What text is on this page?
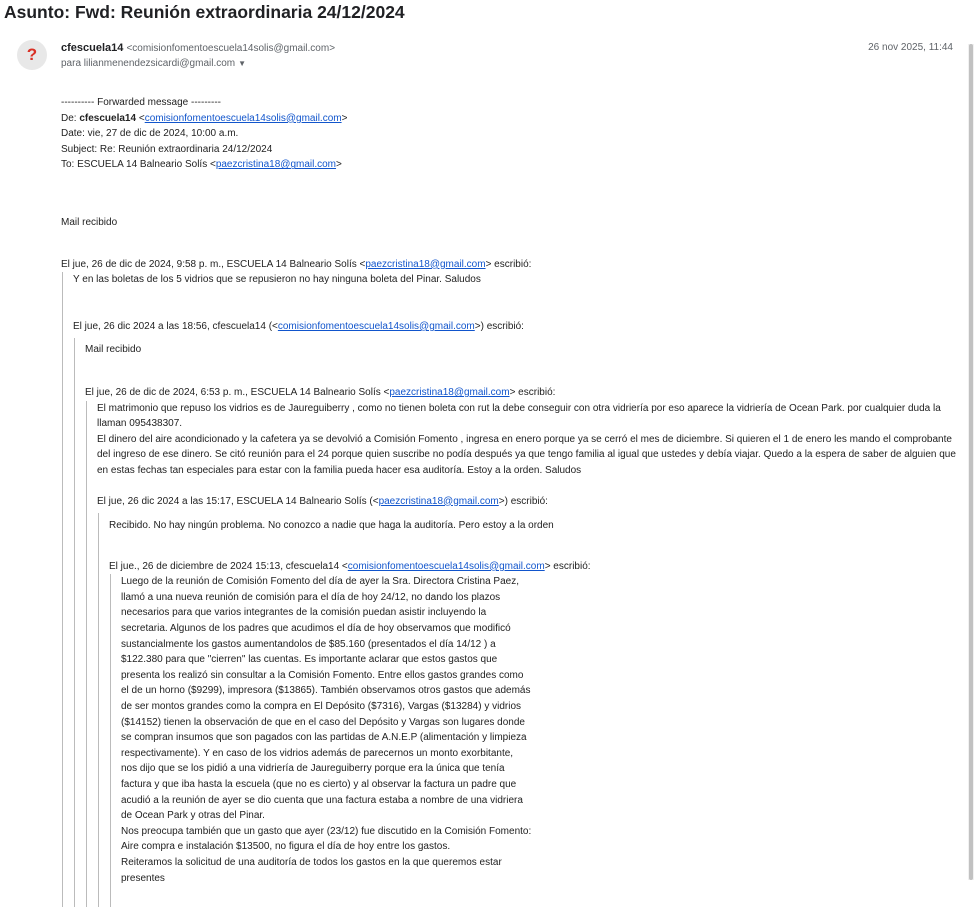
Asunto: Fwd: Reunión extraordinaria 24/12/2024
?	cfescuela14 <comisionfomentoescuela14solis@gmail.com>
para lilianmenendezsicardi@gmail.com ▼
26 nov 2025, 11:44
---------- Forwarded message ---------
De: cfescuela14 <comisionfomentoescuela14solis@gmail.com>
Date: vie, 27 de dic de 2024, 10:00 a.m.
Subject: Re: Reunión extraordinaria 24/12/2024
To: ESCUELA 14 Balneario Solís <paezcristina18@gmail.com>
Mail recibido
El jue, 26 de dic de 2024, 9:58 p. m., ESCUELA 14 Balneario Solís <paezcristina18@gmail.com> escribió:
Y en las boletas de los 5 vidrios que se repusieron no hay ninguna boleta del Pinar. Saludos
El jue, 26 dic 2024 a las 18:56, cfescuela14 (<comisionfomentoescuela14solis@gmail.com>) escribió:
Mail recibido
El jue, 26 de dic de 2024, 6:53 p. m., ESCUELA 14 Balneario Solís <paezcristina18@gmail.com> escribió:
El matrimonio que repuso los vidrios es de Jaureguiberry , como no tienen boleta con rut la debe conseguir con otra vidriería por eso aparece la vidriería de Ocean Park. por cualquier duda la llaman 095438307.
El dinero del aire acondicionado y la cafetera ya se devolvió a Comisión Fomento , ingresa en enero porque ya se cerró el mes de diciembre. Si quieren el 1 de enero les mando el comprobante del ingreso de ese dinero. Se citó reunión para el 24 porque quien suscribe no podía después ya que tengo familia al igual que ustedes y debía viajar. Quedo a la espera de saber de alguien que en estas fechas tan especiales para estar con la familia pueda hacer esa auditoría. Estoy a la orden. Saludos
El jue, 26 dic 2024 a las 15:17, ESCUELA 14 Balneario Solís (<paezcristina18@gmail.com>) escribió:
Recibido. No hay ningún problema. No conozco a nadie que haga la auditoría. Pero estoy a la orden
El jue., 26 de diciembre de 2024 15:13, cfescuela14 <comisionfomentoescuela14solis@gmail.com> escribió:
Luego de la reunión de Comisión Fomento del día de ayer la Sra. Directora Cristina Paez,
llamó a una nueva reunión de comisión para el día de hoy 24/12, no dando los plazos
necesarios para que varios integrantes de la comisión puedan asistir incluyendo la
secretaria. Algunos de los padres que acudimos el día de hoy observamos que modificó
sustancialmente los gastos aumentandolos de $85.160 (presentados el día 14/12 ) a
$122.380 para que "cierren" las cuentas. Es importante aclarar que estos gastos que
presenta los realizó sin consultar a la Comisión Fomento. Entre ellos gastos grandes como
el de un horno ($9299), impresora ($13865). También observamos otros gastos que además
de ser montos grandes como la compra en El Depósito ($7316), Vargas ($13284) y vidrios
($14152) tienen la observación de que en el caso del Depósito y Vargas son lugares donde
se compran insumos que son pagados con las partidas de A.N.E.P (alimentación y limpieza
respectivamente). Y en caso de los vidrios además de parecernos un monto exorbitante,
nos dijo que se los pidió a una vidriería de Jaureguiberry porque era la única que tenía
factura y que iba hasta la escuela (que no es cierto) y al observar la factura un padre que
acudió a la reunión de ayer se dio cuenta que una factura estaba a nombre de una vidriera
de Ocean Park y otras del Pinar.
Nos preocupa también que un gasto que ayer (23/12) fue discutido en la Comisión Fomento:
Aire compra e instalación $13500, no figura el día de hoy entre los gastos.
Reiteramos la solicitud de una auditoría de todos los gastos en la que queremos estar
presentes
